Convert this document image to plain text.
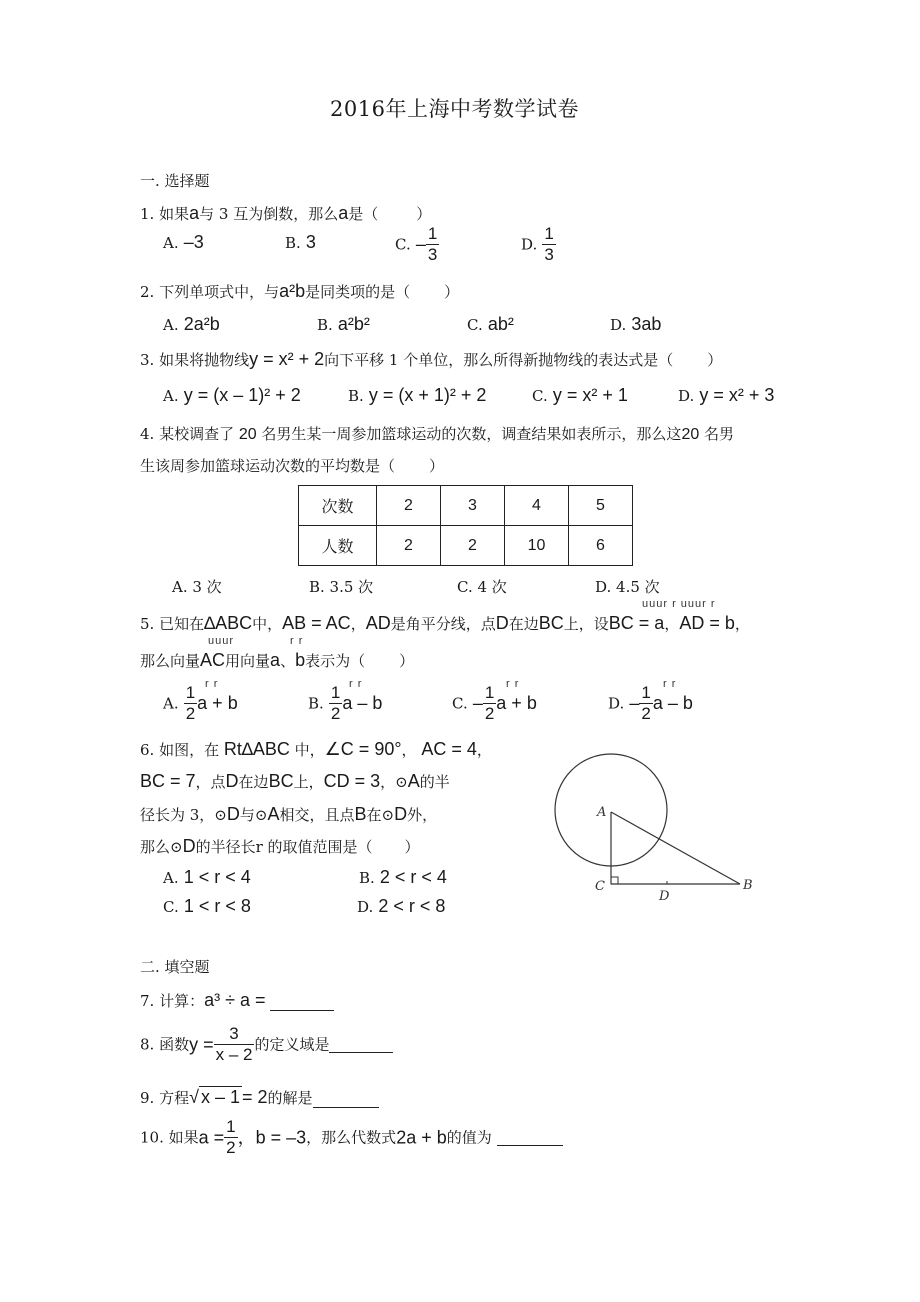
2016年上海中考数学试卷
一. 选择题
1. 如果a与 3 互为倒数，那么a是（	）
A. –3	B. 3	C. – $\frac{1}{3}$	D. $\frac{1}{3}$
2. 下列单项式中，与a²b是同类项的是（ ）
A. 2a²b	B. a²b²	C. ab²	D. 3ab
3. 如果将抛物线y = x² + 2向下平移 1 个单位，那么所得新抛物线的表达式是（ ）
A. y = (x – 1)² + 2	B. y = (x + 1)² + 2	C. y = x² + 1	D. y = x² + 3
4. 某校调查了 20 名男生某一周参加篮球运动的次数，调查结果如表所示，那么这20 名男
生该周参加篮球运动次数的平均数是（ ）
次数	2	3	4	5
人数	2	2	10	6
A. 3 次	B. 3.5 次	C. 4 次	D. 4.5 次
uuur r uuur r
5. 已知在∆ABC中，AB = AC，AD是角平分线，点D在边BC上，设BC = a，AD = b，
uuur	r r
那么向量AC用向量a、b表示为（ ）
r r	r r	r r	r r
A. $\frac{1}{2}$ a + b	B. $\frac{1}{2}$ a – b	C. – $\frac{1}{2}$ a + b	D. – $\frac{1}{2}$ a – b
6. 如图，在 Rt∆ABC 中，∠C = 90°， AC = 4，
BC = 7，点D在边BC上，CD = 3，⊙A的半
径长为 3，⊙D与⊙A相交，且点B在⊙D外，
那么⊙D的半径长r 的取值范围是（ ）
A. 1 < r < 4	B. 2 < r < 4
C. 1 < r < 8	D. 2 < r < 8
A
C
D
B
二. 填空题
7. 计算：a³ ÷ a =
8. 函数$y = \frac{3}{x - 2}$ 的定义域是
9. 方程√ x – 1 = 2的解是
10. 如果$a = \frac{1}{2}$ ，b = –3，那么代数式2a + b的值为
